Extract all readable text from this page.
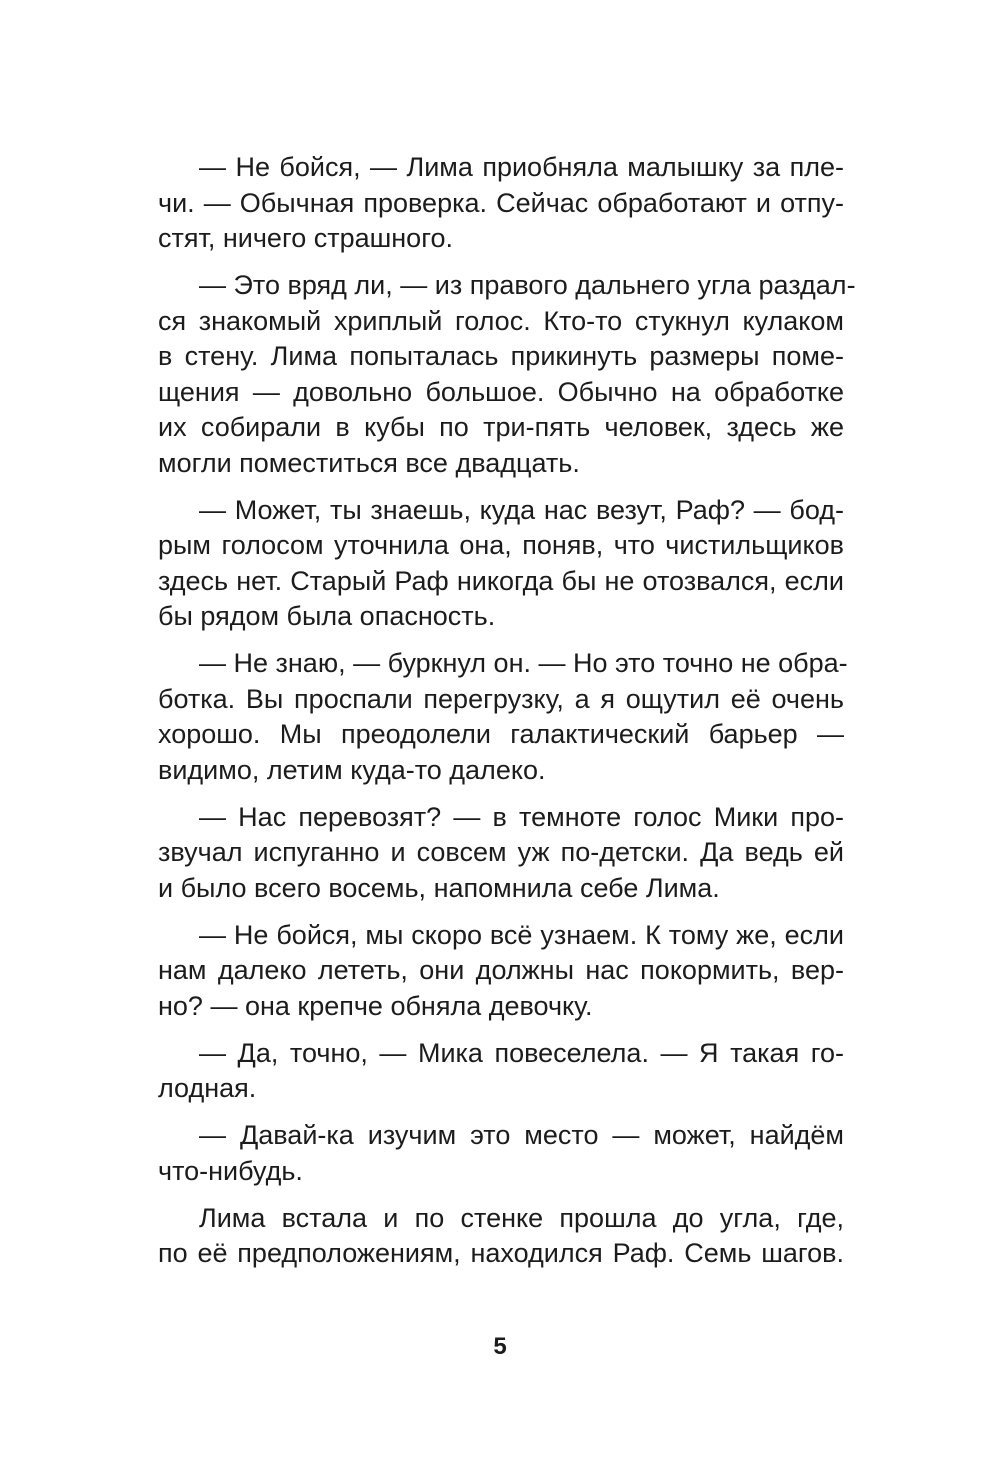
— Не бойся, — Лима приобняла малышку за пле-
чи. — Обычная проверка. Сейчас обработают и отпу-
стят, ничего страшного.
— Это вряд ли, — из правого дальнего угла раздал-
ся знакомый хриплый голос. Кто-то стукнул кулаком
в стену. Лима попыталась прикинуть размеры поме-
щения — довольно большое. Обычно на обработке
их собирали в кубы по три-пять человек, здесь же
могли поместиться все двадцать.
— Может, ты знаешь, куда нас везут, Раф? — бод-
рым голосом уточнила она, поняв, что чистильщиков
здесь нет. Старый Раф никогда бы не отозвался, если
бы рядом была опасность.
— Не знаю, — буркнул он. — Но это точно не обра-
ботка. Вы проспали перегрузку, а я ощутил её очень
хорошо. Мы преодолели галактический барьер —
видимо, летим куда-то далеко.
— Нас перевозят? — в темноте голос Мики про-
звучал испуганно и совсем уж по-детски. Да ведь ей
и было всего восемь, напомнила себе Лима.
— Не бойся, мы скоро всё узнаем. К тому же, если
нам далеко лететь, они должны нас покормить, вер-
но? — она крепче обняла девочку.
— Да, точно, — Мика повеселела. — Я такая го-
лодная.
— Давай-ка изучим это место — может, найдём
что-нибудь.
Лима встала и по стенке прошла до угла, где,
по её предположениям, находился Раф. Семь шагов.
5
